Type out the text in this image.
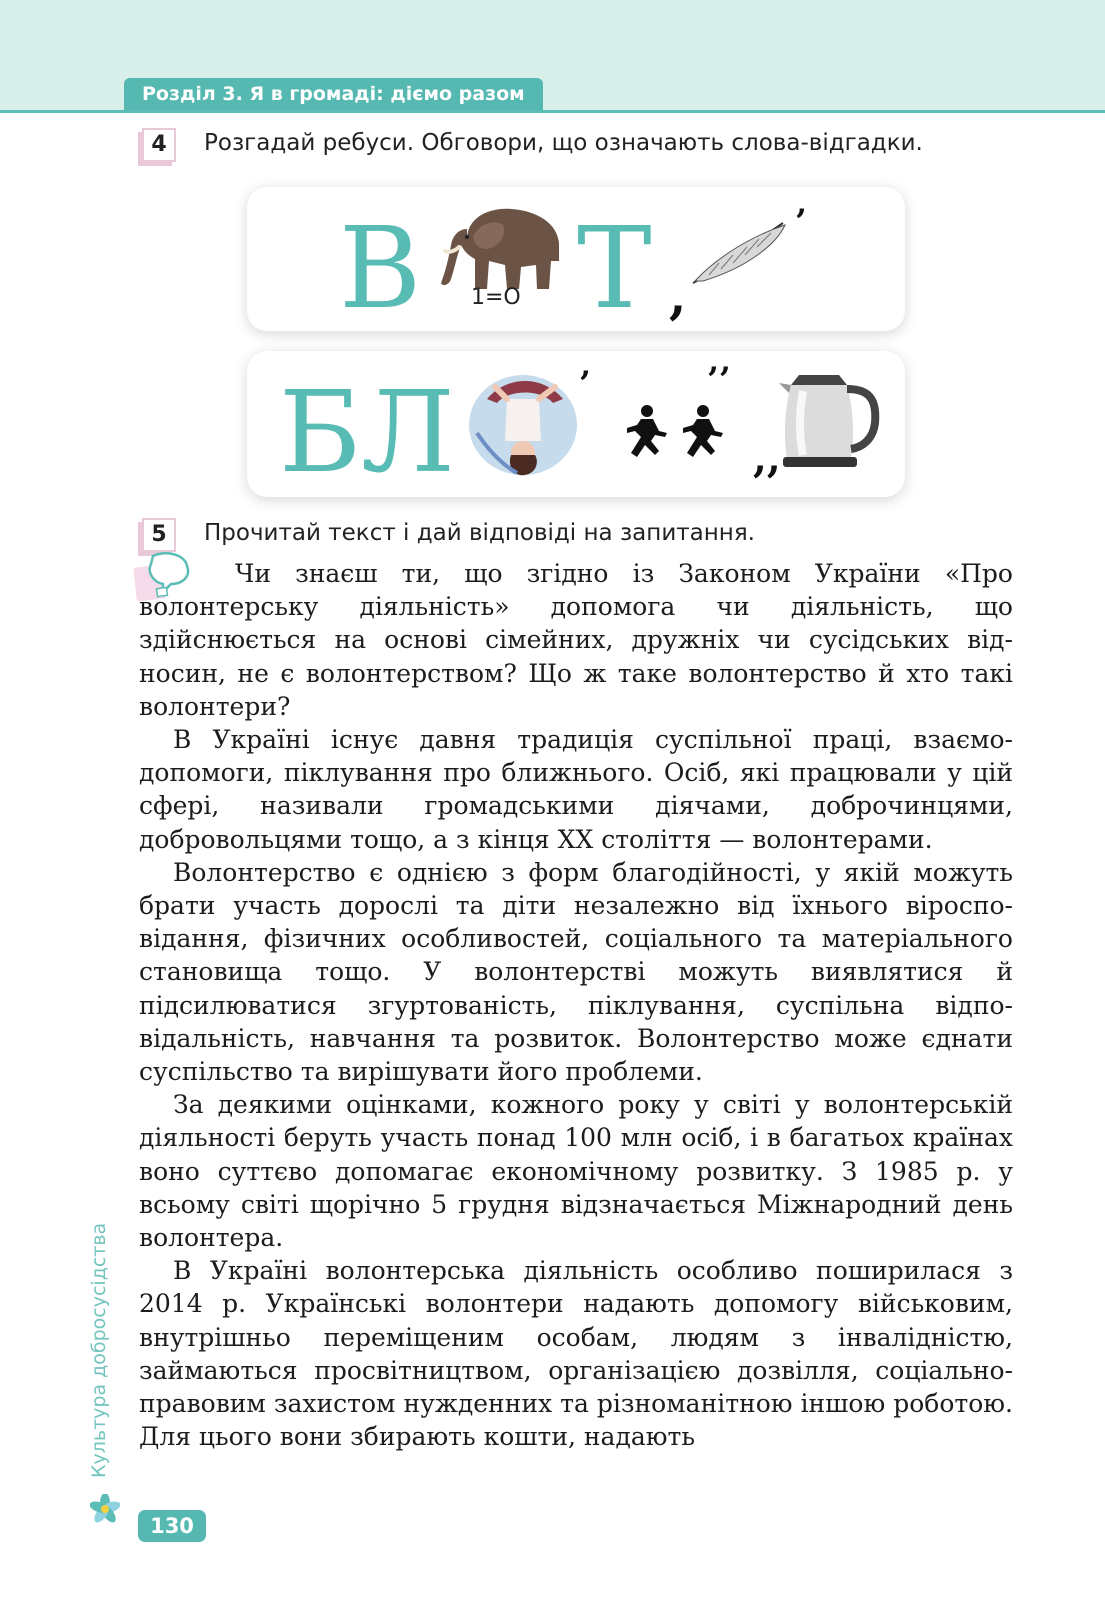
Розділ 3. Я в громаді: діємо разом
4	Розгадай ребуси. Обговори, що означають слова-відгадки.
В 1=О Т ,
’
БЛ	’	’’
,,
5	Прочитай текст і дай відповіді на запитання.

Чи знаєш ти, що згідно із Законом України «Про волонтерську діяльність» допомога чи діяльність, що здійснюється на основі сімейних, дружніх чи сусідських відносин, не є волонтерством? Що ж таке волонтерство й хто такі волонтери?

В Україні існує давня традиція суспільної праці, взаємодопомоги, піклування про ближнього. Осіб, які працювали у цій сфері, називали громадськими діячами, доброчинцями, добровольцями тощо, а з кінця ХХ століття — волонтерами.

Волонтерство є однією з форм благодійності, у якій можуть брати участь дорослі та діти незалежно від їхнього віросповідання, фізичних особливостей, соціального та матеріального становища тощо. У волонтерстві можуть виявлятися й підсилюватися згуртованість, піклування, суспільна відповідальність, навчання та розвиток. Волонтерство може єднати суспільство та вирішувати його проблеми.

За деякими оцінками, кожного року у світі у волонтерській діяльності беруть участь понад 100 млн осіб, і в багатьох країнах воно суттєво допомагає економічному розвитку. З 1985 р. у всьому світі щорічно 5 грудня відзначається Міжнародний день волонтера.

В Україні волонтерська діяльність особливо поширилася з 2014 р. Українські волонтери надають допомогу військовим, внутрішньо переміщеним особам, людям з інвалідністю, займаються просвітництвом, організацією дозвілля, соціально-правовим захистом нужденних та різноманітною іншою роботою. Для цього вони збирають кошти, надають

Культура добросусідства
130
